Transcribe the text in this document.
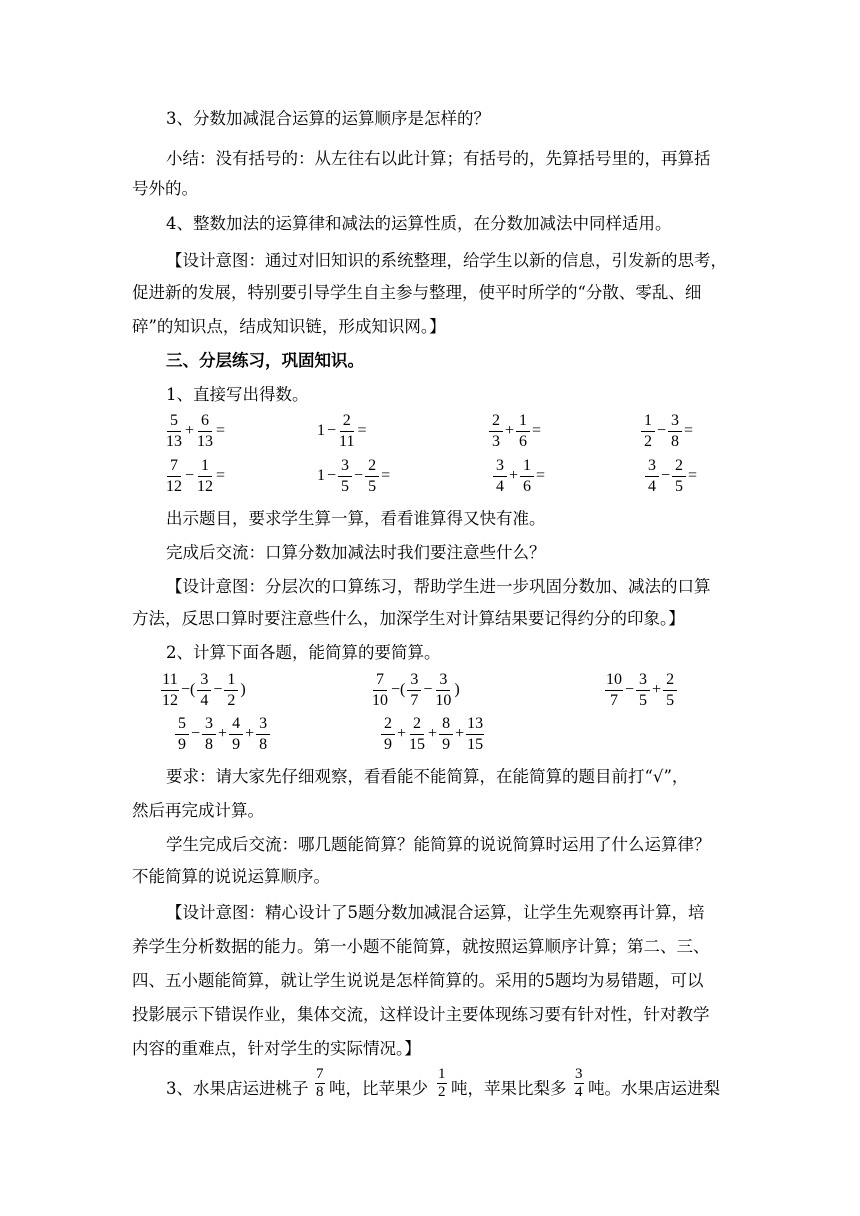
3、分数加减混合运算的运算顺序是怎样的？
小结：没有括号的：从左往右以此计算；有括号的，先算括号里的，再算括
号外的。
4、整数加法的运算律和减法的运算性质，在分数加减法中同样适用。
【设计意图：通过对旧知识的系统整理，给学生以新的信息，引发新的思考，
促进新的发展，特别要引导学生自主参与整理，使平时所学的“分散、零乱、细
碎”的知识点，结成知识链，形成知识网。】
三、分层练习，巩固知识。
1、直接写出得数。
$\frac{5}{13} + \frac{6}{13}$ =	$1 - \frac{2}{11}$ =	$\frac{2}{3} + \frac{1}{6}$ =	$\frac{1}{2} - \frac{3}{8}$ =
$\frac{7}{12} - \frac{1}{12}$ =	$1 - \frac{3}{5} - \frac{2}{5}$ =	$\frac{3}{4} + \frac{1}{6}$ =	$\frac{3}{4} - \frac{2}{5}$ =
出示题目，要求学生算一算，看看谁算得又快有准。
完成后交流：口算分数加减法时我们要注意些什么？
【设计意图：分层次的口算练习，帮助学生进一步巩固分数加、减法的口算
方法，反思口算时要注意些什么，加深学生对计算结果要记得约分的印象。】
2、计算下面各题，能简算的要简算。
$\frac{11}{12}$ −( $\frac{3}{4} - \frac{1}{2}$ )	$\frac{7}{10}$ −( $\frac{3}{7} - \frac{3}{10}$ )	$\frac{10}{7} - \frac{3}{5} + \frac{2}{5}$
$\frac{5}{9} - \frac{3}{8} + \frac{4}{9} + \frac{3}{8}$	$\frac{2}{9} + \frac{2}{15} + \frac{8}{9} + \frac{13}{15}$
要求：请大家先仔细观察，看看能不能简算，在能简算的题目前打“√”，
然后再完成计算。
学生完成后交流：哪几题能简算？能简算的说说简算时运用了什么运算律？
不能简算的说说运算顺序。
【设计意图：精心设计了5题分数加减混合运算，让学生先观察再计算，培
养学生分析数据的能力。第一小题不能简算，就按照运算顺序计算；第二、三、
四、五小题能简算，就让学生说说是怎样简算的。采用的5题均为易错题，可以
投影展示下错误作业，集体交流，这样设计主要体现练习要有针对性，针对教学
内容的重难点，针对学生的实际情况。】
3、水果店运进桃子 $\frac{7}{8}$ 吨，比苹果少 $\frac{1}{2}$ 吨，苹果比梨多 $\frac{3}{4}$ 吨。水果店运进梨
